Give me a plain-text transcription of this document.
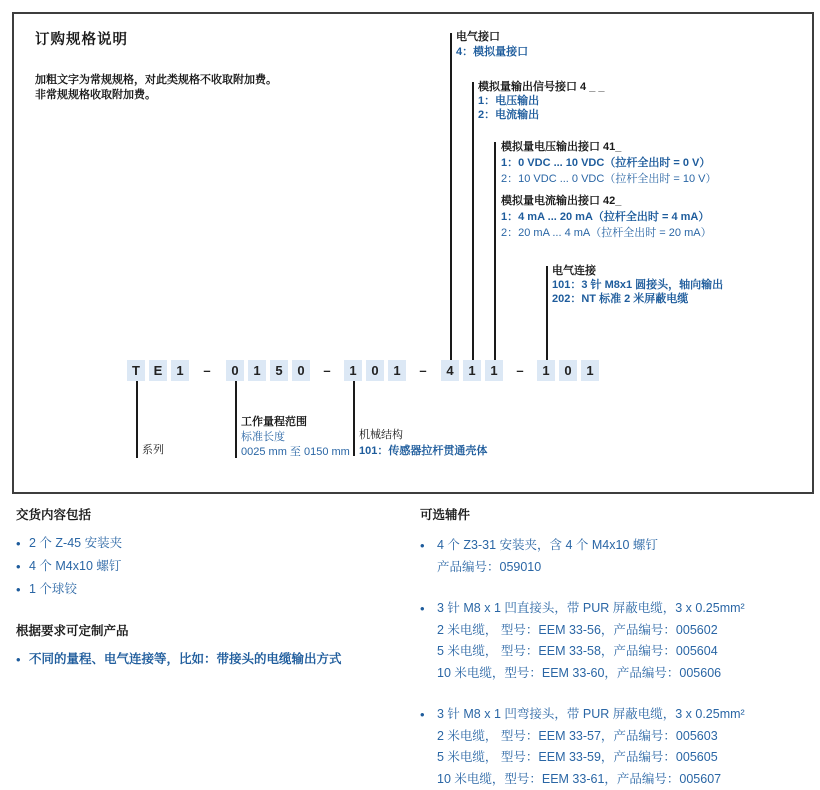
订购规格说明
加粗文字为常规规格，对此类规格不收取附加费。
非常规规格收取附加费。
电气接口
4：模拟量接口
模拟量输出信号接口 4 _ _
1：电压输出
2：电流输出
模拟量电压输出接口 41_
1：0 VDC ... 10 VDC（拉杆全出时 = 0 V）
2：10 VDC ... 0 VDC（拉杆全出时 = 10 V）
模拟量电流输出接口 42_
1：4 mA ... 20 mA（拉杆全出时 = 4 mA）
2：20 mA ... 4 mA（拉杆全出时 = 20 mA）
电气连接
101：3 针 M8x1 圆接头，轴向输出
202：NT 标准 2 米屏蔽电缆
T	E	1	–	0	1	5	0	–	1	0	1	–	4	1	1	–	1	0	1
系列
工作量程范围
标准长度
0025 mm 至 0150 mm
机械结构
101：传感器拉杆贯通壳体
交货内容包括
• 2 个 Z-45 安装夹
• 4 个 M4x10 螺钉
• 1 个球铰
根据要求可定制产品
• 不同的量程、电气连接等，比如：带接头的电缆输出方式
可选辅件
• 4 个 Z3-31 安装夹，含 4 个 M4x10 螺钉
产品编号：059010
• 3 针 M8 x 1 凹直接头，带 PUR 屏蔽电缆，3 x 0.25mm²
2 米电缆， 型号：EEM 33-56，产品编号：005602
5 米电缆， 型号：EEM 33-58，产品编号：005604
10 米电缆，型号：EEM 33-60，产品编号：005606
• 3 针 M8 x 1 凹弯接头，带 PUR 屏蔽电缆，3 x 0.25mm²
2 米电缆， 型号：EEM 33-57，产品编号：005603
5 米电缆， 型号：EEM 33-59，产品编号：005605
10 米电缆，型号：EEM 33-61，产品编号：005607
